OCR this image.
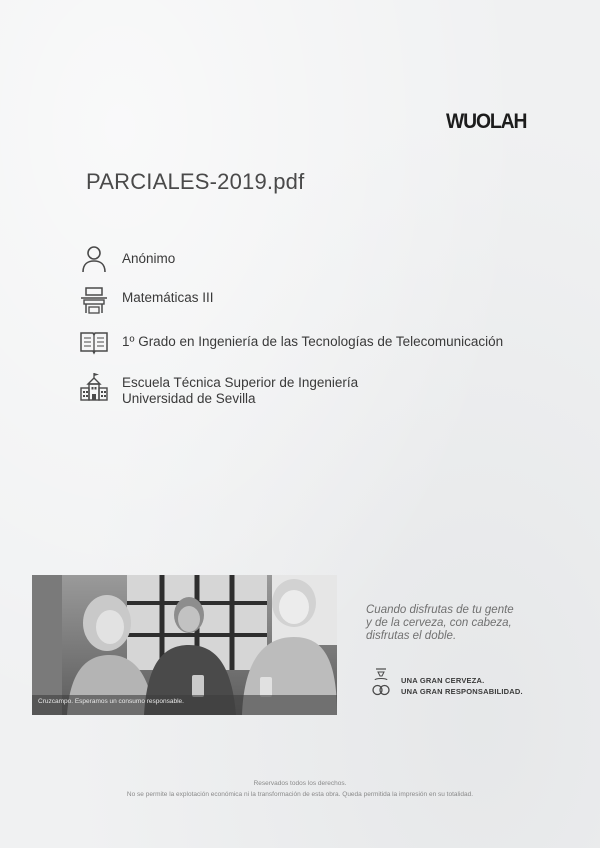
WUOLAH
PARCIALES-2019.pdf
Anónimo
Matemáticas III
1º Grado en Ingeniería de las Tecnologías de Telecomunicación
Escuela Técnica Superior de Ingeniería
Universidad de Sevilla
Cruzcampo. Esperamos un consumo responsable.
Cuando disfrutas de tu gente
y de la cerveza, con cabeza,
disfrutas el doble.
UNA GRAN CERVEZA.
UNA GRAN RESPONSABILIDAD.
Reservados todos los derechos.
No se permite la explotación económica ni la transformación de esta obra. Queda permitida la impresión en su totalidad.
